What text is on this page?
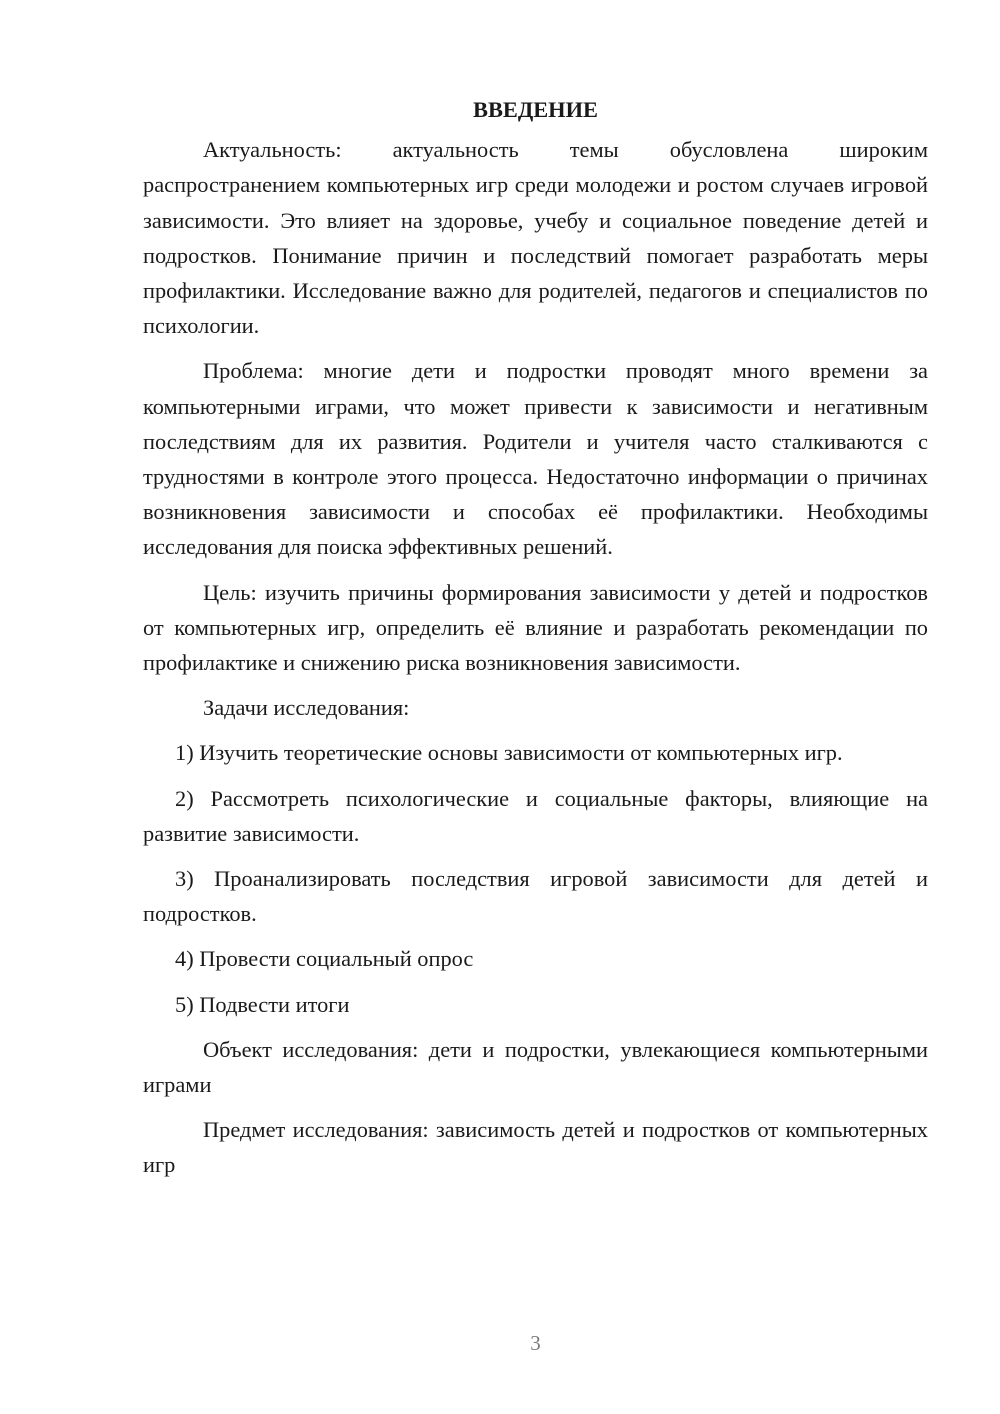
ВВЕДЕНИЕ

Актуальность: актуальность темы обусловлена широким распространением компьютерных игр среди молодежи и ростом случаев игровой зависимости. Это влияет на здоровье, учебу и социальное поведение детей и подростков. Понимание причин и последствий помогает разработать меры профилактики. Исследование важно для родителей, педагогов и специалистов по психологии.

Проблема: многие дети и подростки проводят много времени за компьютерными играми, что может привести к зависимости и негативным последствиям для их развития. Родители и учителя часто сталкиваются с трудностями в контроле этого процесса. Недостаточно информации о причинах возникновения зависимости и способах её профилактики. Необходимы исследования для поиска эффективных решений.

Цель: изучить причины формирования зависимости у детей и подростков от компьютерных игр, определить её влияние и разработать рекомендации по профилактике и снижению риска возникновения зависимости.

Задачи исследования:

1) Изучить теоретические основы зависимости от компьютерных игр.

2) Рассмотреть психологические и социальные факторы, влияющие на развитие зависимости.

3) Проанализировать последствия игровой зависимости для детей и подростков.

4) Провести социальный опрос

5) Подвести итоги

Объект исследования: дети и подростки, увлекающиеся компьютерными играми

Предмет исследования: зависимость детей и подростков от компьютерных игр

3
